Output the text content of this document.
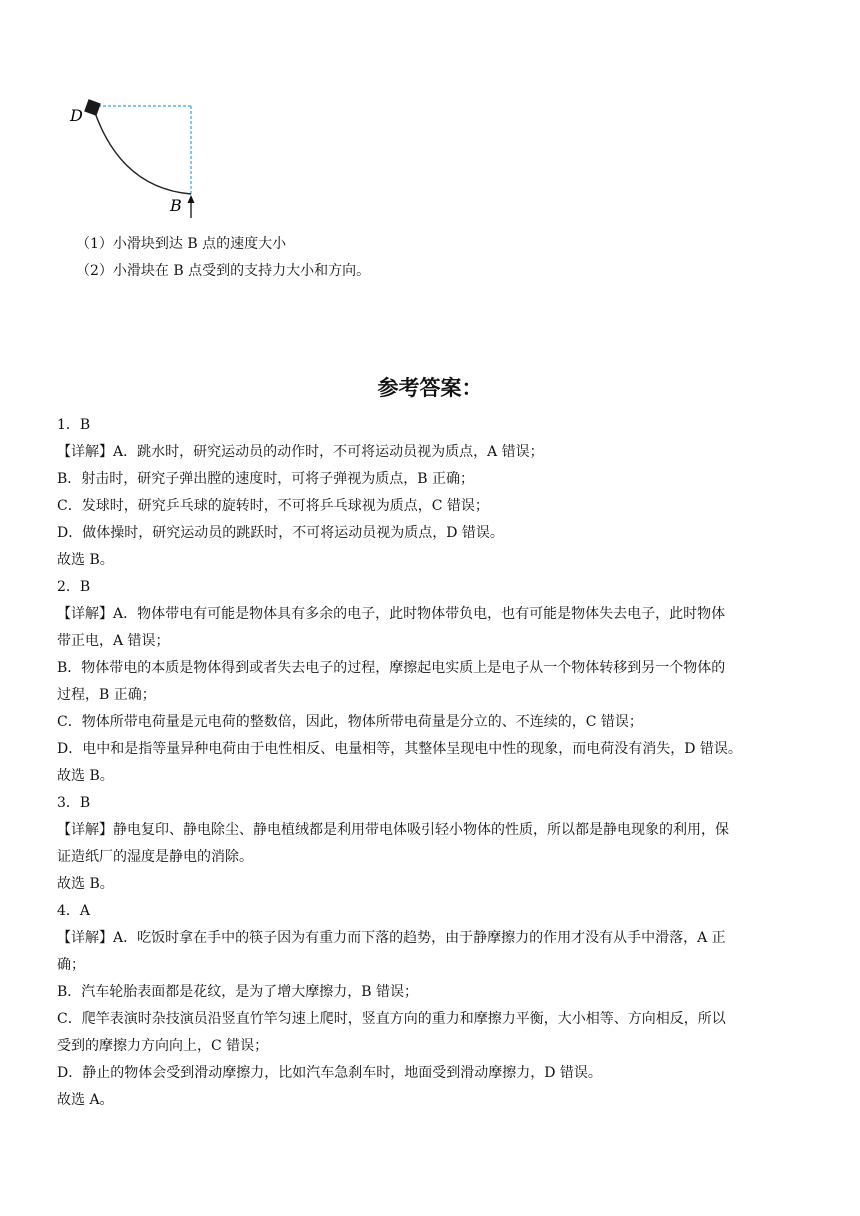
D
B
（1）小滑块到达 B 点的速度大小
（2）小滑块在 B 点受到的支持力大小和方向。
参考答案：
1．B
【详解】A．跳水时，研究运动员的动作时，不可将运动员视为质点，A 错误；
B．射击时，研究子弹出膛的速度时，可将子弹视为质点，B 正确；
C．发球时，研究乒乓球的旋转时，不可将乒乓球视为质点，C 错误；
D．做体操时，研究运动员的跳跃时，不可将运动员视为质点，D 错误。
故选 B。
2．B
【详解】A．物体带电有可能是物体具有多余的电子，此时物体带负电，也有可能是物体失去电子，此时物体
带正电，A 错误；
B．物体带电的本质是物体得到或者失去电子的过程，摩擦起电实质上是电子从一个物体转移到另一个物体的
过程，B 正确；
C．物体所带电荷量是元电荷的整数倍，因此，物体所带电荷量是分立的、不连续的，C 错误；
D．电中和是指等量异种电荷由于电性相反、电量相等，其整体呈现电中性的现象，而电荷没有消失，D 错误。
故选 B。
3．B
【详解】静电复印、静电除尘、静电植绒都是利用带电体吸引轻小物体的性质，所以都是静电现象的利用，保
证造纸厂的湿度是静电的消除。
故选 B。
4．A
【详解】A．吃饭时拿在手中的筷子因为有重力而下落的趋势，由于静摩擦力的作用才没有从手中滑落，A 正
确；
B．汽车轮胎表面都是花纹，是为了增大摩擦力，B 错误；
C．爬竿表演时杂技演员沿竖直竹竿匀速上爬时，竖直方向的重力和摩擦力平衡，大小相等、方向相反，所以
受到的摩擦力方向向上，C 错误；
D．静止的物体会受到滑动摩擦力，比如汽车急刹车时，地面受到滑动摩擦力，D 错误。
故选 A。
